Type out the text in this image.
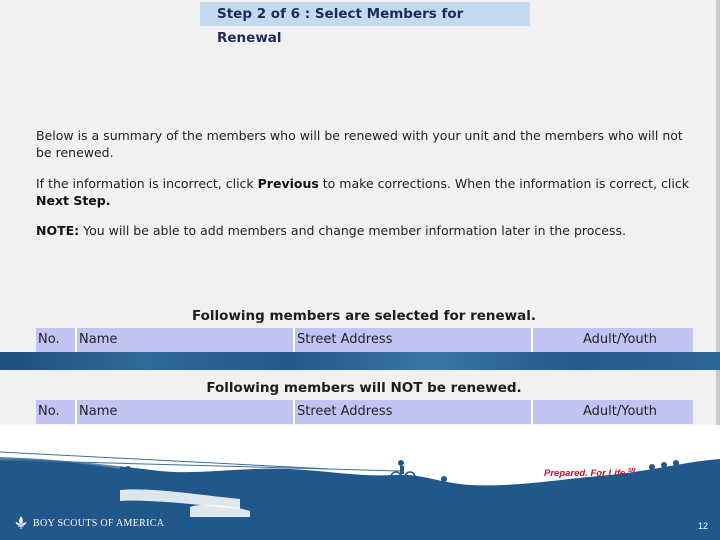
Step 2 of 6 : Select Members for Renewal

Below is a summary of the members who will be renewed with your unit and the members who will not be renewed.

If the information is incorrect, click Previous to make corrections. When the information is correct, click Next Step.

NOTE: You will be able to add members and change member information later in the process.

Following members are selected for renewal.
No.	Name	Street Address	Adult/Youth
Following members will NOT be renewed.
No.	Name	Street Address	Adult/Youth
12
Prepared. For Life.℠
BOY SCOUTS OF AMERICA
